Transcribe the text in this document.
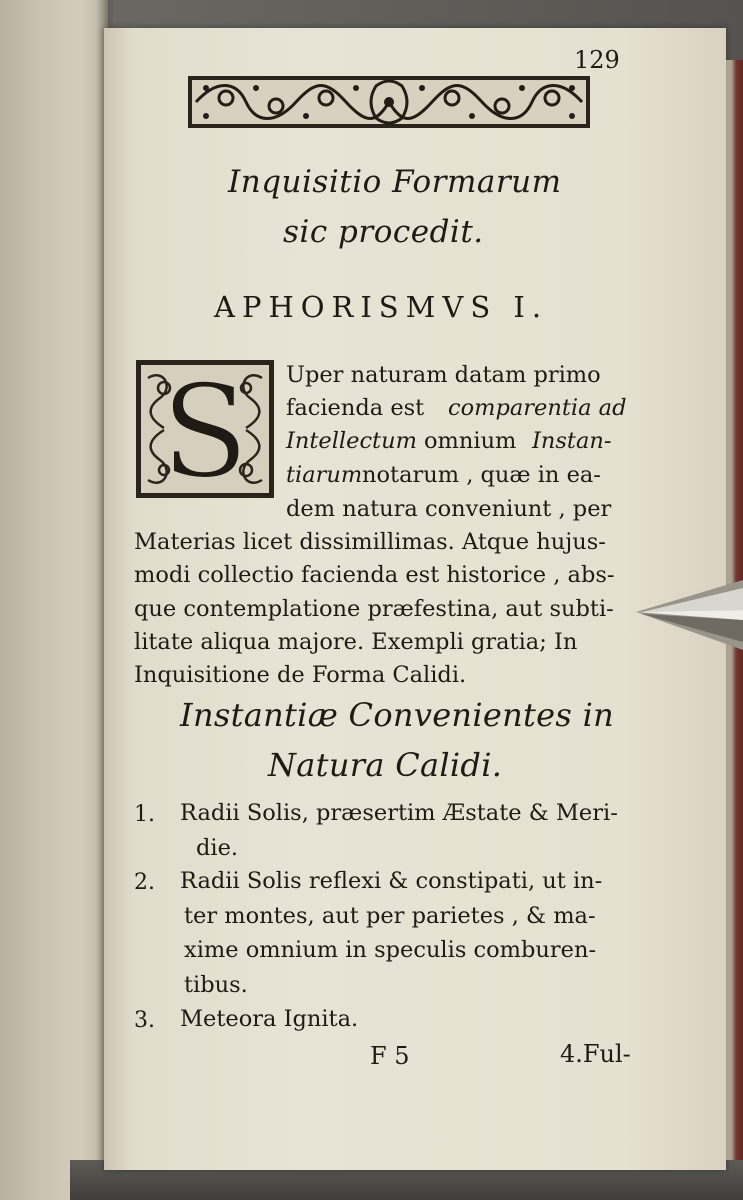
129
Inquisitio Formarum
sic procedit.
APHORISMVS I.
S Uper naturam datam primo
facienda est comparentia ad
Intellectum omnium Instan-
tiarum notarum , quæ in ea-
dem natura conveniunt , per
Materias licet dissimillimas. Atque hujus-
modi collectio facienda est historice , abs-
que contemplatione præfestina, aut subti-
litate aliqua majore. Exempli gratia; In
Inquisitione de Forma Calidi.
Instantiæ Convenientes in
Natura Calidi.
1. Radii Solis, præsertim Æstate & Meri-
die.
2. Radii Solis reflexi & constipati, ut in-
ter montes, aut per parietes , & ma-
xime omnium in speculis comburen-
tibus.
3. Meteora Ignita.
F 5	4.Ful-
